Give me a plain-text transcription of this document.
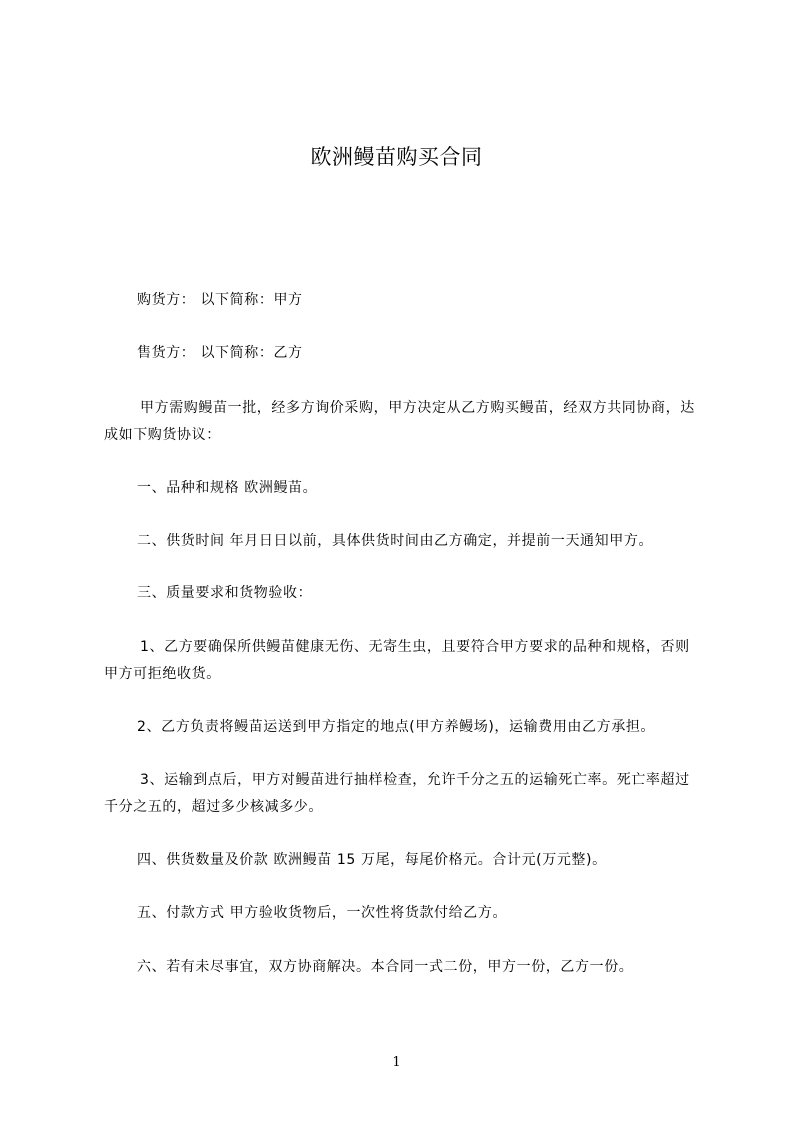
欧洲鳗苗购买合同
购货方： 以下简称：甲方
售货方： 以下简称：乙方
甲方需购鳗苗一批，经多方询价采购，甲方决定从乙方购买鳗苗，经双方共同协商，达成如下购货协议：
一、品种和规格 欧洲鳗苗。
二、供货时间 年月日日以前，具体供货时间由乙方确定，并提前一天通知甲方。
三、质量要求和货物验收：
1、乙方要确保所供鳗苗健康无伤、无寄生虫，且要符合甲方要求的品种和规格，否则甲方可拒绝收货。
2、乙方负责将鳗苗运送到甲方指定的地点(甲方养鳗场)，运输费用由乙方承担。
3、运输到点后，甲方对鳗苗进行抽样检查，允许千分之五的运输死亡率。死亡率超过千分之五的，超过多少核减多少。
四、供货数量及价款 欧洲鳗苗 15 万尾，每尾价格元。合计元(万元整)。
五、付款方式 甲方验收货物后，一次性将货款付给乙方。
六、若有未尽事宜，双方协商解决。本合同一式二份，甲方一份，乙方一份。
1
